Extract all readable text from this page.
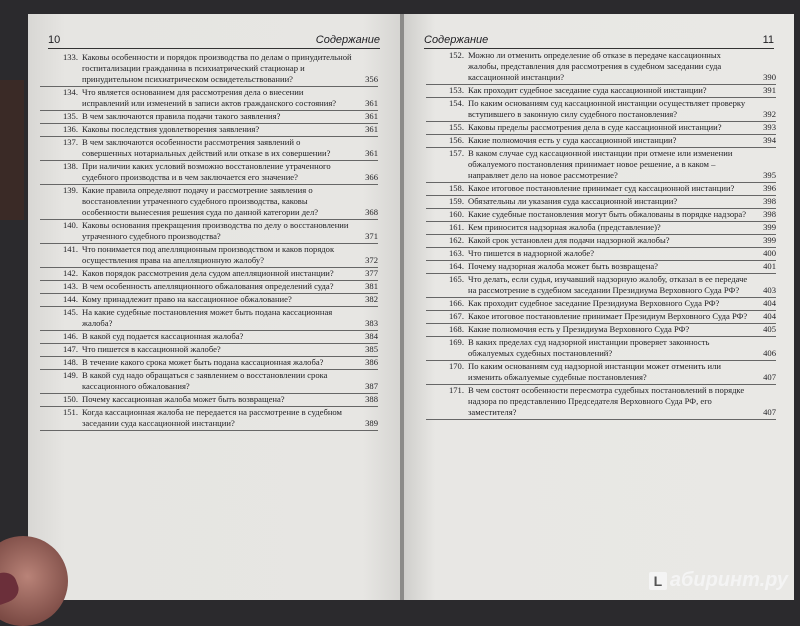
10	Содержание
133. Каковы особенности и порядок производства по делам о принудительной госпитализации гражданина в психиатрический стационар и принудительном психиатрическом освидетельствовании?	356
134. Что является основанием для рассмотрения дела о внесении исправлений или изменений в записи актов гражданского состояния?	361
135. В чем заключаются правила подачи такого заявления?	361
136. Каковы последствия удовлетворения заявления?	361
137. В чем заключаются особенности рассмотрения заявлений о совершенных нотариальных действий или отказе в их совершении?	361
138. При наличии каких условий возможно восстановление утраченного судебного производства и в чем заключается его значение?	366
139. Какие правила определяют подачу и рассмотрение заявления о восстановлении утраченного судебного производства, каковы особенности вынесения решения суда по данной категории дел?	368
140. Каковы основания прекращения производства по делу о восстановлении утраченного судебного производства?	371
141. Что понимается под апелляционным производством и каков порядок осуществления права на апелляционную жалобу?	372
142. Каков порядок рассмотрения дела судом апелляционной инстанции?	377
143. В чем особенность апелляционного обжалования определений суда?	381
144. Кому принадлежит право на кассационное обжалование?	382
145. На какие судебные постановления может быть подана кассационная жалоба?	383
146. В какой суд подается кассационная жалоба?	384
147. Что пишется в кассационной жалобе?	385
148. В течение какого срока может быть подана кассационная жалоба?	386
149. В какой суд надо обращаться с заявлением о восстановлении срока кассационного обжалования?	387
150. Почему кассационная жалоба может быть возвращена?	388
151. Когда кассационная жалоба не передается на рассмотрение в судебном заседании суда кассационной инстанции?	389
Содержание	11
152. Можно ли отменить определение об отказе в передаче кассационных жалобы, представления для рассмотрения в судебном заседании суда кассационной инстанции?	390
153. Как проходит судебное заседание суда кассационной инстанции?	391
154. По каким основаниям суд кассационной инстанции осуществляет проверку вступившего в законную силу судебного постановления?	392
155. Каковы пределы рассмотрения дела в суде кассационной инстанции?	393
156. Какие полномочия есть у суда кассационной инстанции?	394
157. В каком случае суд кассационной инстанции при отмене или изменении обжалуемого постановления принимает новое решение, а в каком – направляет дело на новое рассмотрение?	395
158. Какое итоговое постановление принимает суд кассационной инстанции?	396
159. Обязательны ли указания суда кассационной инстанции?	398
160. Какие судебные постановления могут быть обжалованы в порядке надзора?	398
161. Кем приносится надзорная жалоба (представление)?	399
162. Какой срок установлен для подачи надзорной жалобы?	399
163. Что пишется в надзорной жалобе?	400
164. Почему надзорная жалоба может быть возвращена?	401
165. Что делать, если судья, изучавший надзорную жалобу, отказал в ее передаче на рассмотрение в судебном заседании Президиума Верховного Суда РФ?	403
166. Как проходит судебное заседание Президиума Верховного Суда РФ?	404
167. Какое итоговое постановление принимает Президиум Верховного Суда РФ?	404
168. Какие полномочия есть у Президиума Верховного Суда РФ?	405
169. В каких пределах суд надзорной инстанции проверяет законность обжалуемых судебных постановлений?	406
170. По каким основаниям суд надзорной инстанции может отменить или изменить обжалуемые судебные постановления?	407
171. В чем состоят особенности пересмотра судебных постановлений в порядке надзора по представлению Председателя Верховного Суда РФ, его заместителя?	407
L абиринт.ру
